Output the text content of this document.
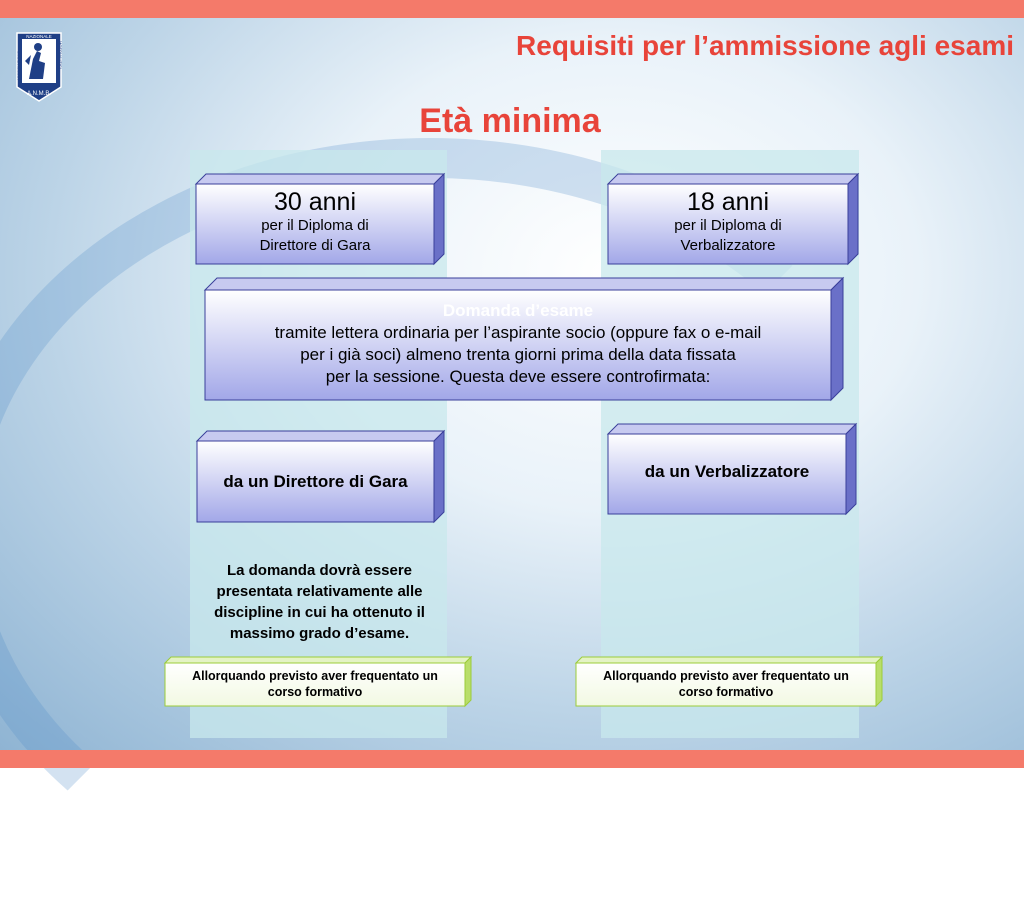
NAZIONALE
A.N.M.B.
ASSOCIAZIONE	MOTONAUTICI	Requisiti per l’ammissione agli esami
Età minima
30 anni
per il Diploma di
Direttore di Gara
18 anni
per il Diploma di
Verbalizzatore
Domanda d’esame
tramite lettera ordinaria per l’aspirante socio (oppure fax o e-mail
per i già soci) almeno trenta giorni prima della data fissata
per la sessione. Questa deve essere controfirmata:
da un Direttore di Gara	da un Verbalizzatore
La domanda dovrà essere
presentata relativamente alle
discipline in cui ha ottenuto il
massimo grado d’esame.
Allorquando previsto aver frequentato un
corso formativo
Allorquando previsto aver frequentato un
corso formativo
